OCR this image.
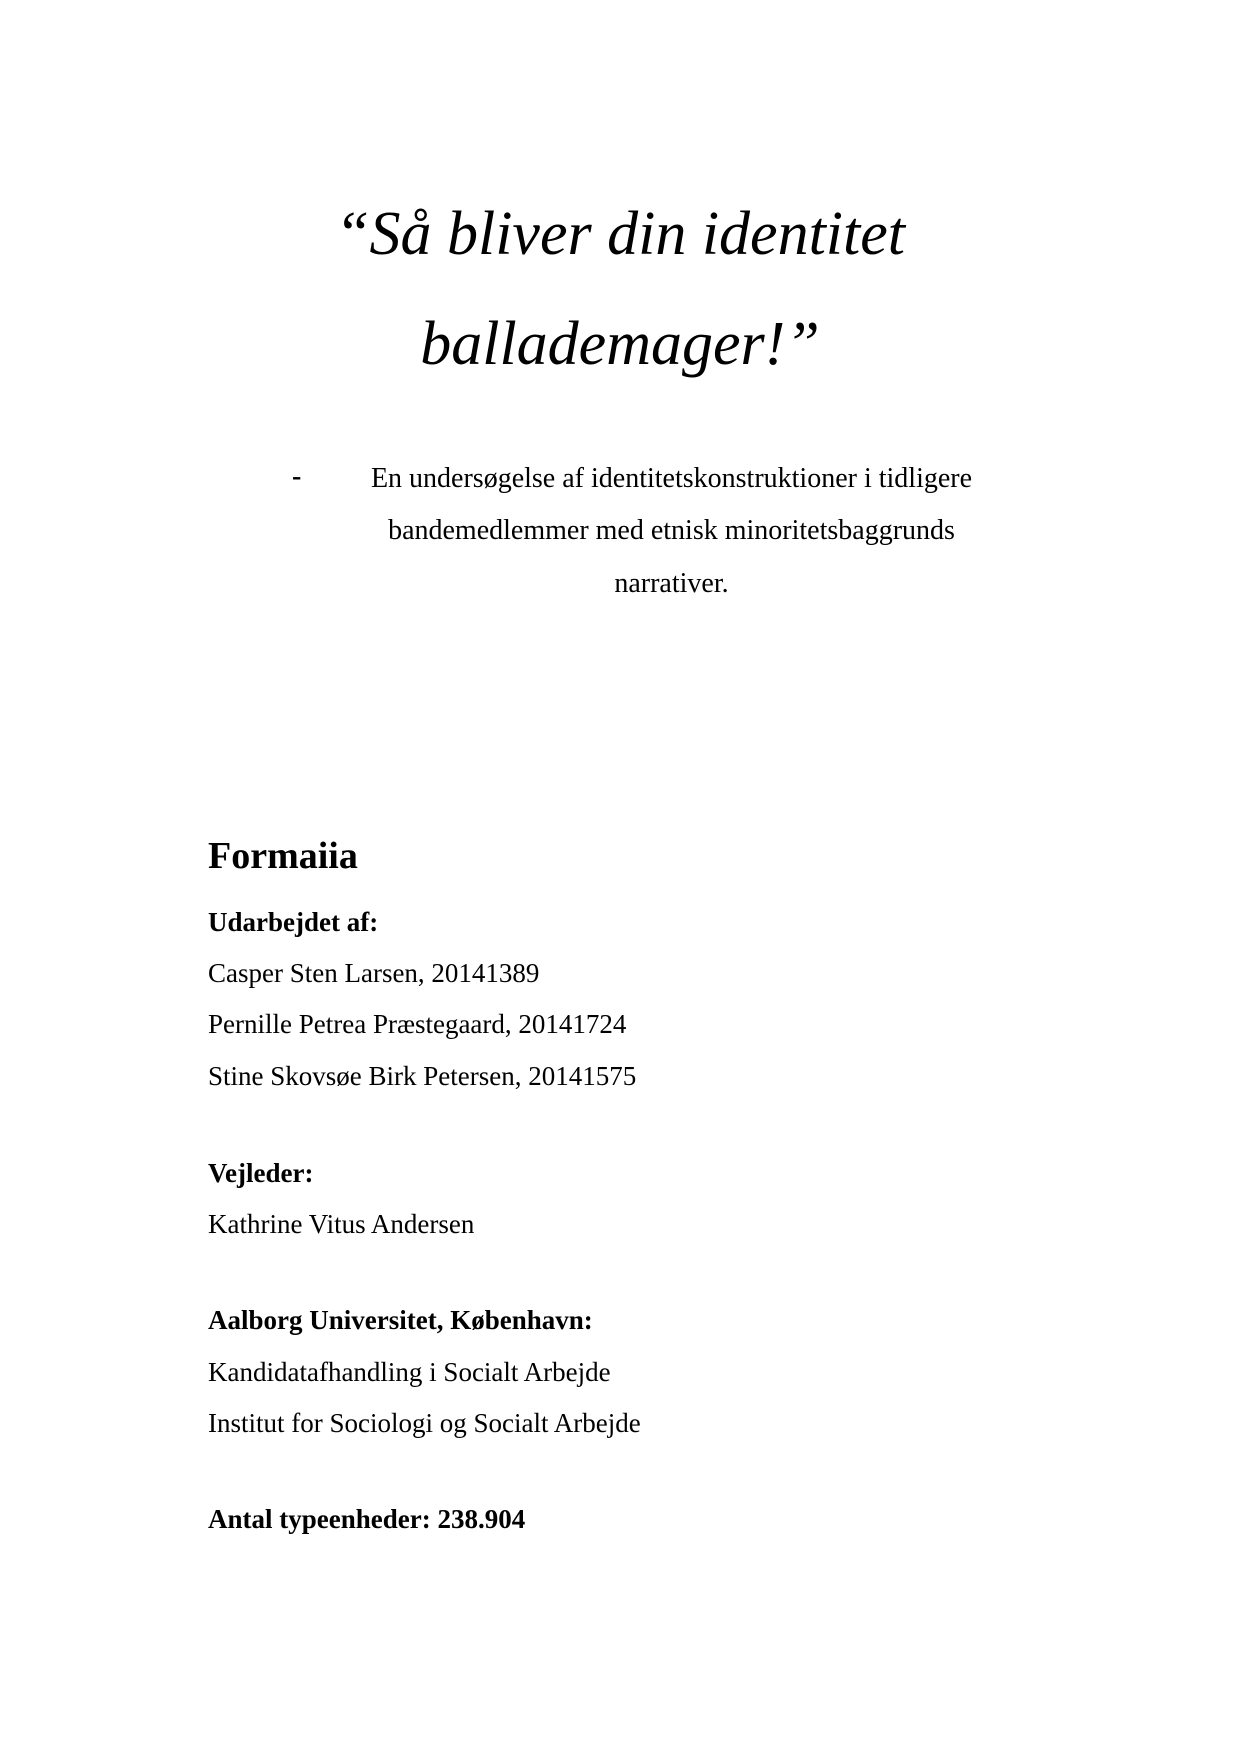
“Så bliver din identitet
ballademager!”
-	En undersøgelse af identitetskonstruktioner i tidligere
bandemedlemmer med etnisk minoritetsbaggrunds
narrativer.
Formaiia
Udarbejdet af:
Casper Sten Larsen, 20141389
Pernille Petrea Præstegaard, 20141724
Stine Skovsøe Birk Petersen, 20141575
Vejleder:
Kathrine Vitus Andersen
Aalborg Universitet, København:
Kandidatafhandling i Socialt Arbejde
Institut for Sociologi og Socialt Arbejde
Antal typeenheder: 238.904
